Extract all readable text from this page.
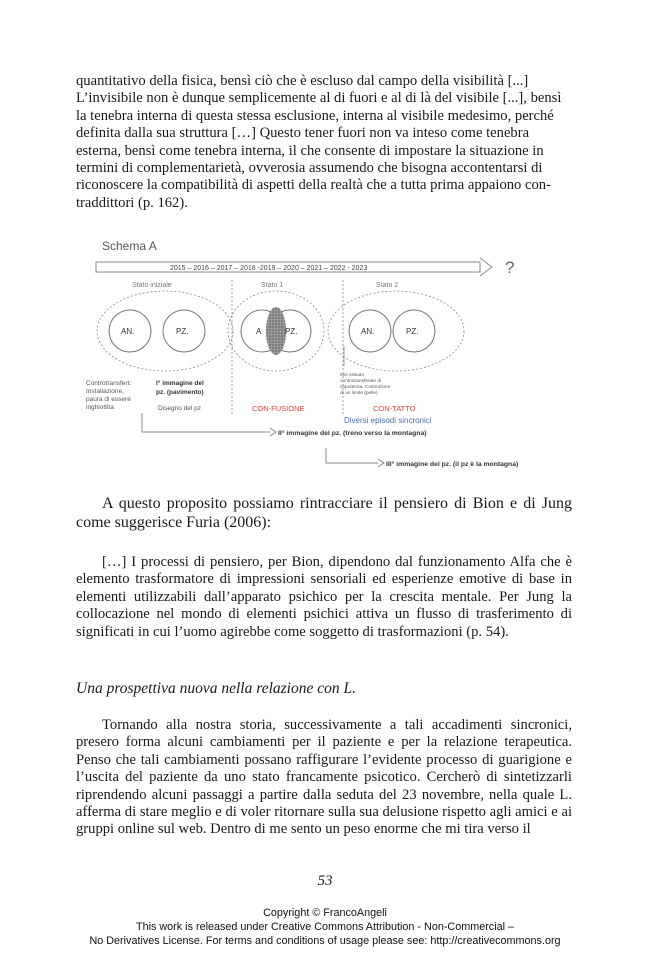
quantitativo della fisica, bensì ciò che è escluso dal campo della visibilità [...]

L’invisibile non è dunque semplicemente al di fuori e al di là del visibile [...], bensì

la tenebra interna di questa stessa esclusione, interna al visibile medesimo, perché

definita dalla sua struttura […] Questo tener fuori non va inteso come tenebra

esterna, bensì come tenebra interna, il che consente di impostare la situazione in

termini di complementarietà, ovverosia assumendo che bisogna accontentarsi di

riconoscere la compatibilità di aspetti della realtà che a tutta prima appaiono con-

traddittori (p. 162).

Schema A
2015 – 2016 – 2017 – 2018 -2019 – 2020 – 2021 – 2022 - 2023	?
Stato iniziale	Stato 1	Stato 2
AN.	PZ.	A	PZ.	AN.	PZ.
Controtransfert: Installazione, paura di essere inghiottita
I° immagine del pz. (pavimento)
Disegno del pz	CON-FUSIONE
Mio vissuto controtransferale di impotenza. Costruzione di un limite (pelle)
CON-TATTO
Diversi episodi sincronici
II° immagine del pz. (treno verso la montagna)
III° immagine del pz. (il pz è la montagna)

A questo proposito possiamo rintracciare il pensiero di Bion e di Jung come suggerisce Furia (2006):

[…] I processi di pensiero, per Bion, dipendono dal funzionamento Alfa che è elemento trasformatore di impressioni sensoriali ed esperienze emotive di base in elementi utilizzabili dall’apparato psichico per la crescita mentale. Per Jung la collocazione nel mondo di elementi psichici attiva un flusso di trasferimento di significati in cui l’uomo agirebbe come soggetto di trasformazioni (p. 54).

Una prospettiva nuova nella relazione con L.

Tornando alla nostra storia, successivamente a tali accadimenti sincronici, presero forma alcuni cambiamenti per il paziente e per la relazione terapeutica. Penso che tali cambiamenti possano raffigurare l’evidente processo di guarigione e l’uscita del paziente da uno stato francamente psicotico. Cercherò di sintetizzarli riprendendo alcuni passaggi a partire dalla seduta del 23 novembre, nella quale L. afferma di stare meglio e di voler ritornare sulla sua delusione rispetto agli amici e ai gruppi online sul web. Dentro di me sento un peso enorme che mi tira verso il

53
Copyright © FrancoAngeli
This work is released under Creative Commons Attribution - Non-Commercial –
No Derivatives License. For terms and conditions of usage please see: http://creativecommons.org
